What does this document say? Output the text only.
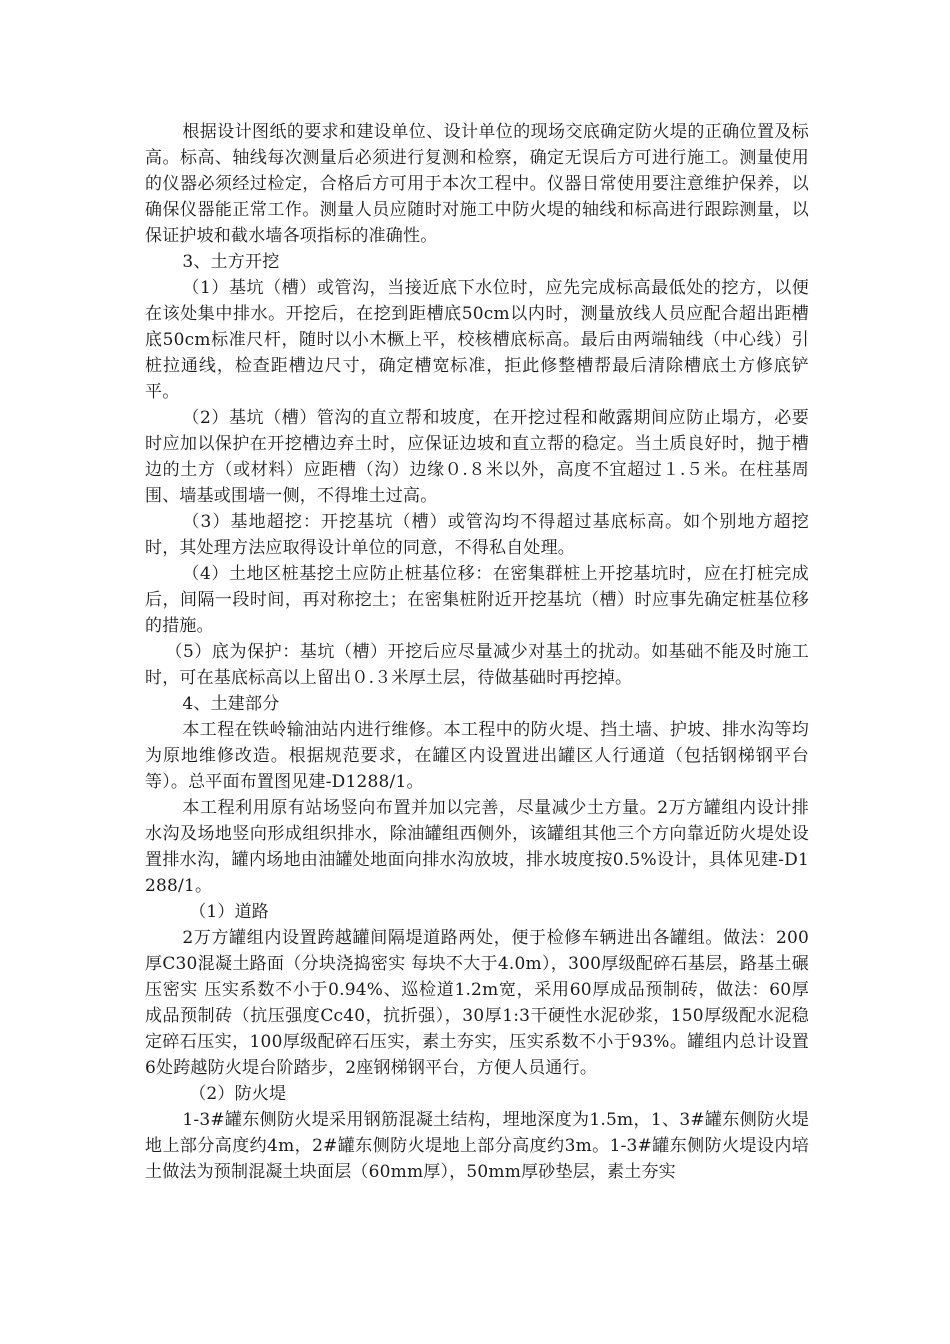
根据设计图纸的要求和建设单位、设计单位的现场交底确定防火堤的正确位置及标高。标高、轴线每次测量后必须进行复测和检察，确定无误后方可进行施工。测量使用的仪器必须经过检定，合格后方可用于本次工程中。仪器日常使用要注意维护保养，以确保仪器能正常工作。测量人员应随时对施工中防火堤的轴线和标高进行跟踪测量，以保证护坡和截水墙各项指标的准确性。

3、土方开挖

（1）基坑（槽）或管沟，当接近底下水位时，应先完成标高最低处的挖方，以便在该处集中排水。开挖后，在挖到距槽底50cm以内时，测量放线人员应配合超出距槽底50cm标准尺杆，随时以小木橛上平，校核槽底标高。最后由两端轴线（中心线）引桩拉通线，检查距槽边尺寸，确定槽宽标准，拒此修整槽帮最后清除槽底土方修底铲平。

（2）基坑（槽）管沟的直立帮和坡度，在开挖过程和敞露期间应防止塌方，必要时应加以保护在开挖槽边弃土时，应保证边坡和直立帮的稳定。当土质良好时，抛于槽边的土方（或材料）应距槽（沟）边缘０.８米以外，高度不宜超过１.５米。在柱基周围、墙基或围墙一侧，不得堆土过高。

（3）基地超挖：开挖基坑（槽）或管沟均不得超过基底标高。如个别地方超挖时，其处理方法应取得设计单位的同意，不得私自处理。

（4）土地区桩基挖土应防止桩基位移：在密集群桩上开挖基坑时，应在打桩完成后，间隔一段时间，再对称挖土；在密集桩附近开挖基坑（槽）时应事先确定桩基位移的措施。

（5）底为保护：基坑（槽）开挖后应尽量减少对基土的扰动。如基础不能及时施工时，可在基底标高以上留出０.３米厚土层，待做基础时再挖掉。

4、土建部分

本工程在铁岭输油站内进行维修。本工程中的防火堤、挡土墙、护坡、排水沟等均为原地维修改造。根据规范要求，在罐区内设置进出罐区人行通道（包括钢梯钢平台等）。总平面布置图见建-D1288/1。

本工程利用原有站场竖向布置并加以完善，尽量减少土方量。2万方罐组内设计排水沟及场地竖向形成组织排水，除油罐组西侧外，该罐组其他三个方向靠近防火堤处设置排水沟，罐内场地由油罐处地面向排水沟放坡，排水坡度按0.5%设计，具体见建-D1288/1。

（1）道路

2万方罐组内设置跨越罐间隔堤道路两处，便于检修车辆进出各罐组。做法：200厚C30混凝土路面（分块浇捣密实 每块不大于4.0m），300厚级配碎石基层，路基土碾压密实 压实系数不小于0.94%、巡检道1.2m宽，采用60厚成品预制砖，做法：60厚成品预制砖（抗压强度Cc40，抗折强），30厚1:3干硬性水泥砂浆，150厚级配水泥稳定碎石压实，100厚级配碎石压实，素土夯实，压实系数不小于93%。罐组内总计设置6处跨越防火堤台阶踏步，2座钢梯钢平台，方便人员通行。

（2）防火堤

1-3#罐东侧防火堤采用钢筋混凝土结构，埋地深度为1.5m，1、3#罐东侧防火堤地上部分高度约4m，2#罐东侧防火堤地上部分高度约3m。1-3#罐东侧防火堤设内培土做法为预制混凝土块面层（60mm厚），50mm厚砂垫层，素土夯实
